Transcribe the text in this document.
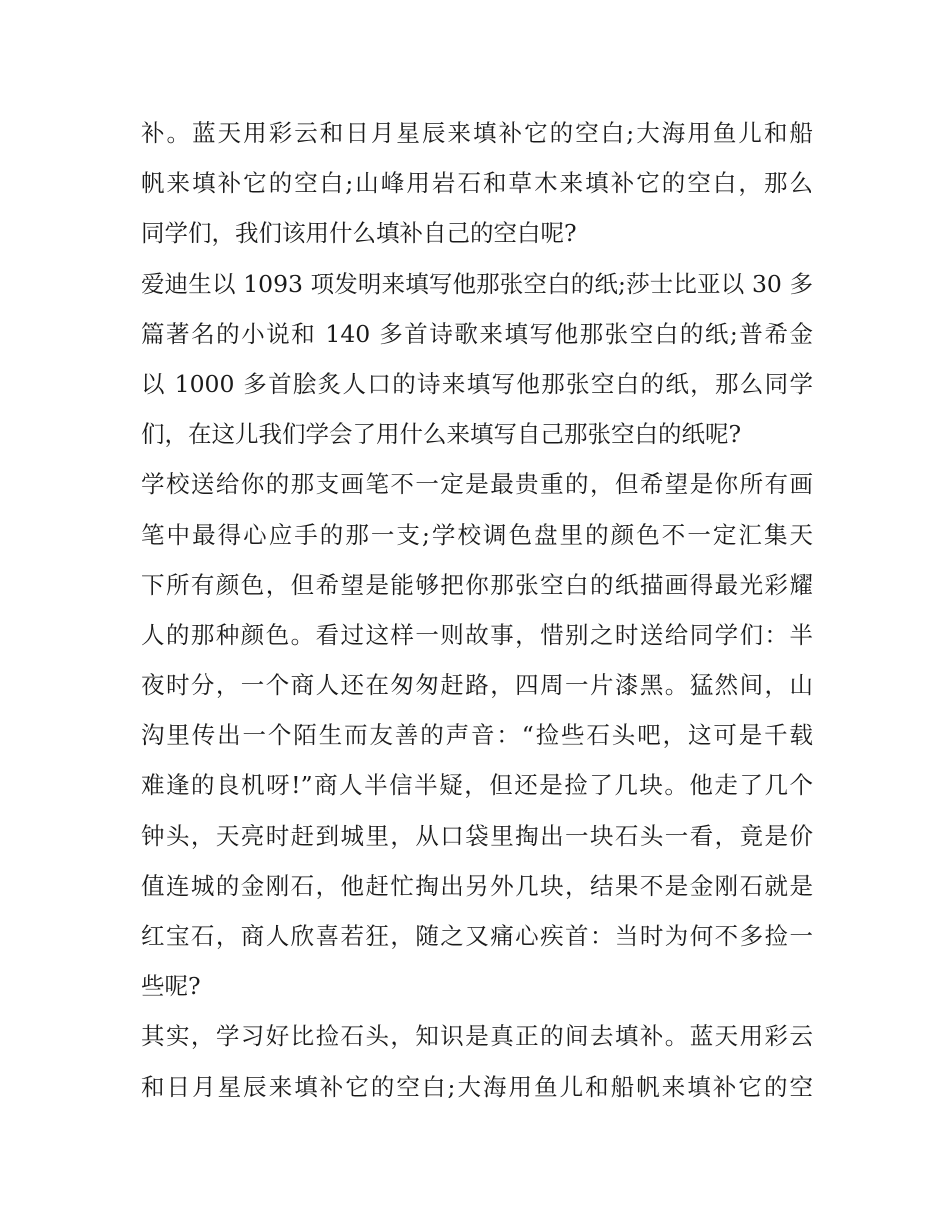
补。蓝天用彩云和日月星辰来填补它的空白;大海用鱼儿和船
帆来填补它的空白;山峰用岩石和草木来填补它的空白，那么
同学们，我们该用什么填补自己的空白呢?
爱迪生以 1093 项发明来填写他那张空白的纸;莎士比亚以 30 多
篇著名的小说和 140 多首诗歌来填写他那张空白的纸;普希金
以 1000 多首脍炙人口的诗来填写他那张空白的纸，那么同学
们，在这儿我们学会了用什么来填写自己那张空白的纸呢?
学校送给你的那支画笔不一定是最贵重的，但希望是你所有画
笔中最得心应手的那一支;学校调色盘里的颜色不一定汇集天
下所有颜色，但希望是能够把你那张空白的纸描画得最光彩耀
人的那种颜色。看过这样一则故事，惜别之时送给同学们：半
夜时分，一个商人还在匆匆赶路，四周一片漆黑。猛然间，山
沟里传出一个陌生而友善的声音：“捡些石头吧，这可是千载
难逢的良机呀!”商人半信半疑，但还是捡了几块。他走了几个
钟头，天亮时赶到城里，从口袋里掏出一块石头一看，竟是价
值连城的金刚石，他赶忙掏出另外几块，结果不是金刚石就是
红宝石，商人欣喜若狂，随之又痛心疾首：当时为何不多捡一
些呢?
其实，学习好比捡石头，知识是真正的间去填补。蓝天用彩云
和日月星辰来填补它的空白;大海用鱼儿和船帆来填补它的空
